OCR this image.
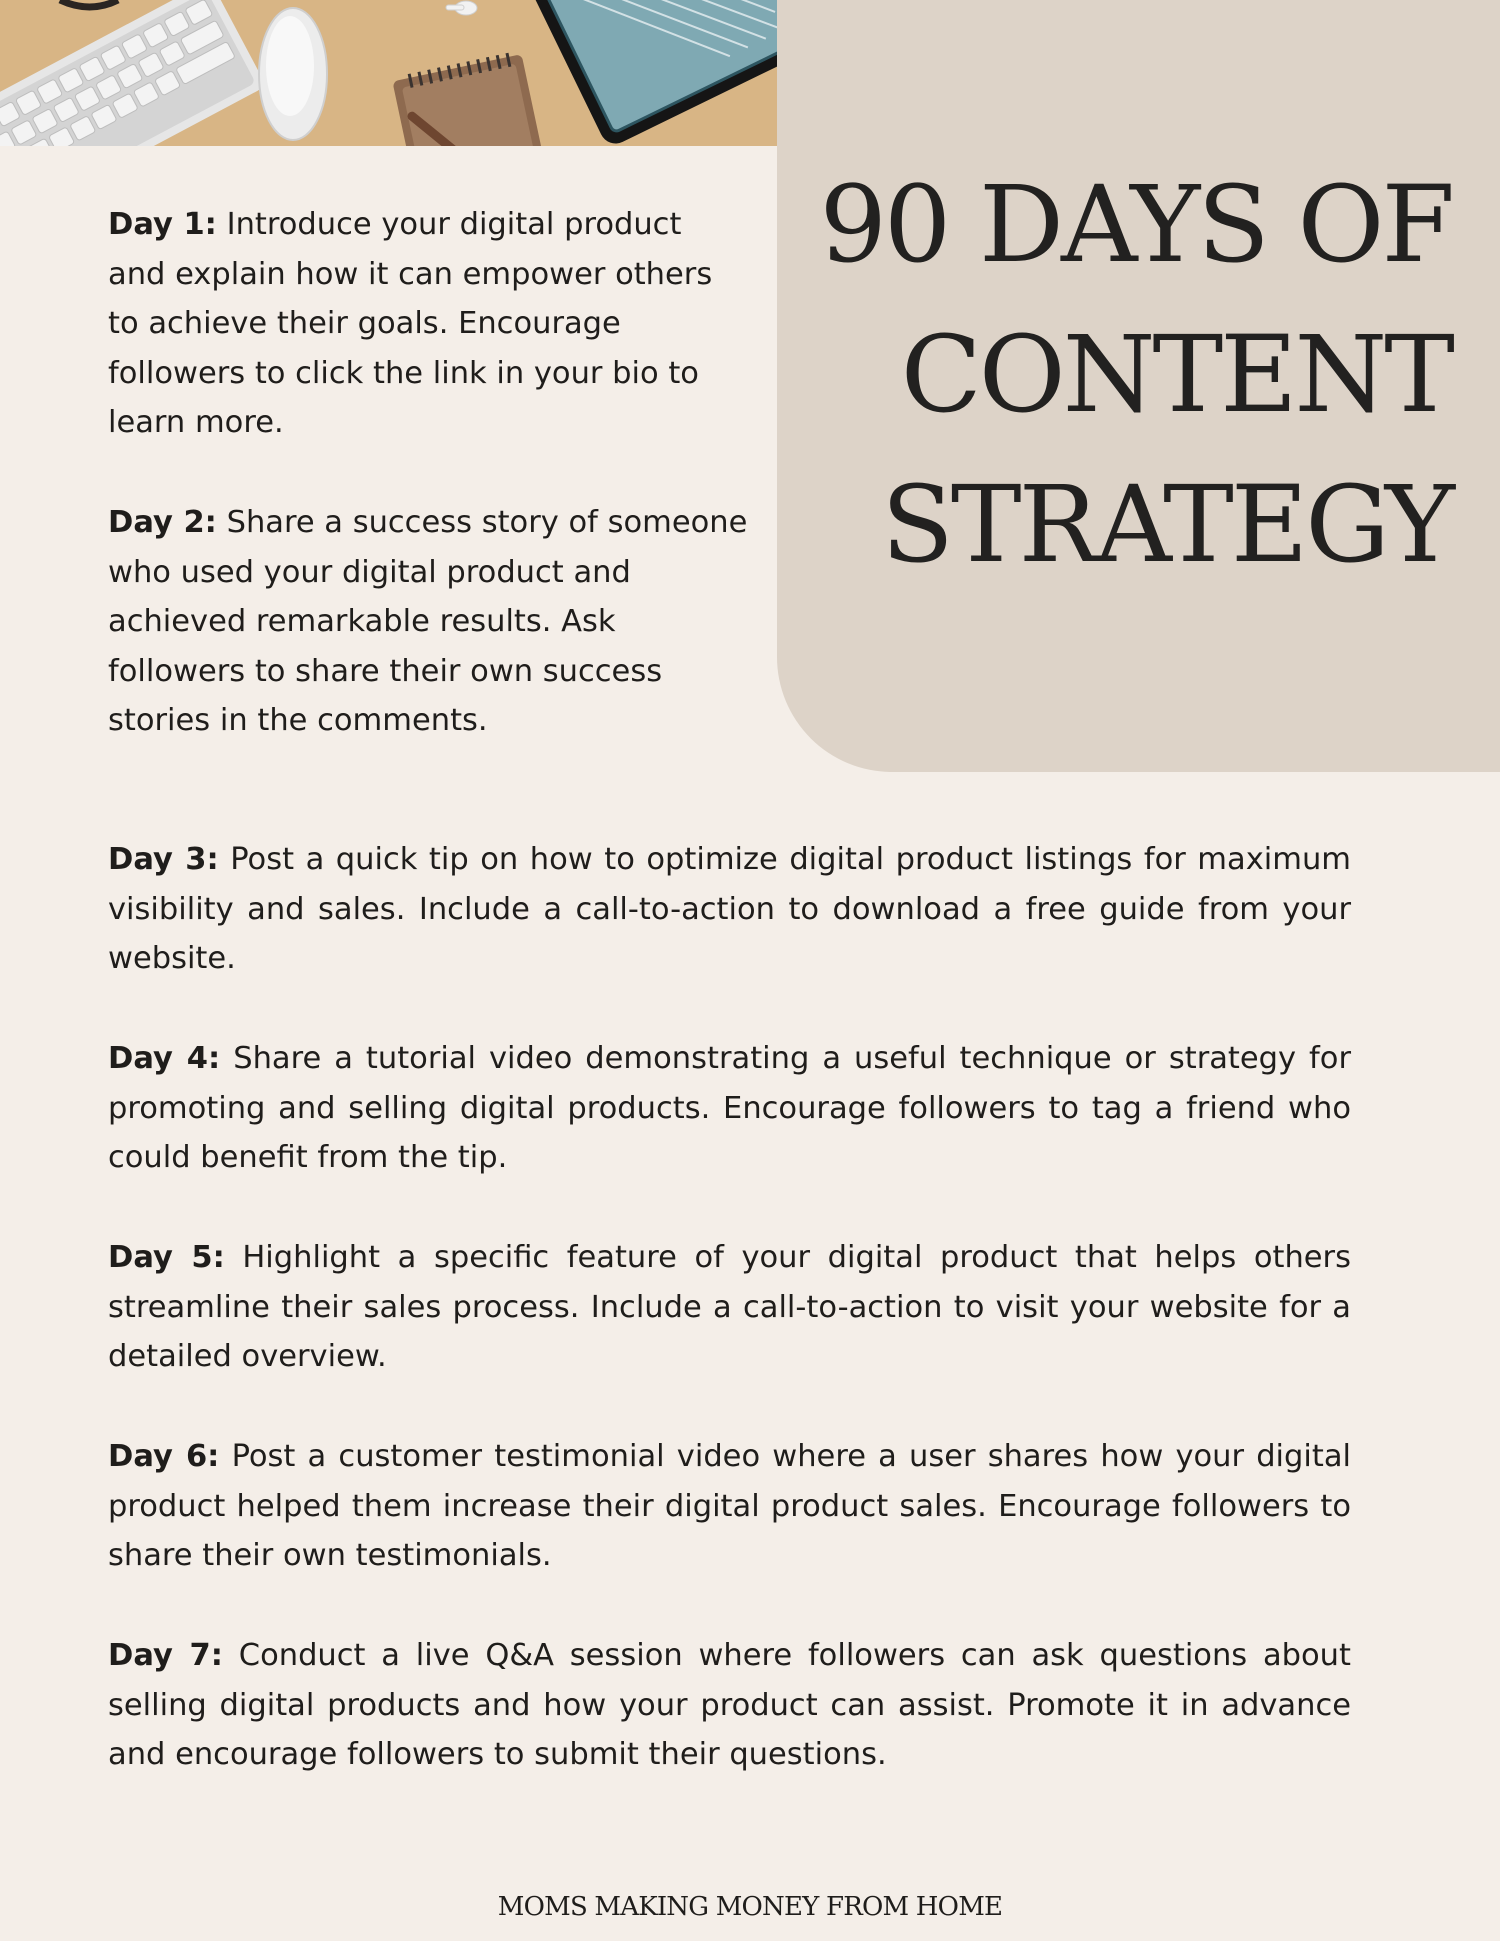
90 DAYS OF
CONTENT
STRATEGY

Day 1: Introduce your digital product and explain how it can empower others to achieve their goals. Encourage followers to click the link in your bio to learn more.

Day 2: Share a success story of someone who used your digital product and achieved remarkable results. Ask followers to share their own success stories in the comments.

Day 3: Post a quick tip on how to optimize digital product listings for maximum visibility and sales. Include a call-to-action to download a free guide from your website.

Day 4: Share a tutorial video demonstrating a useful technique or strategy for promoting and selling digital products. Encourage followers to tag a friend who could benefit from the tip.

Day 5: Highlight a specific feature of your digital product that helps others streamline their sales process. Include a call-to-action to visit your website for a detailed overview.

Day 6: Post a customer testimonial video where a user shares how your digital product helped them increase their digital product sales. Encourage followers to share their own testimonials.

Day 7: Conduct a live Q&A session where followers can ask questions about selling digital products and how your product can assist. Promote it in advance and encourage followers to submit their questions.

MOMS MAKING MONEY FROM HOME
